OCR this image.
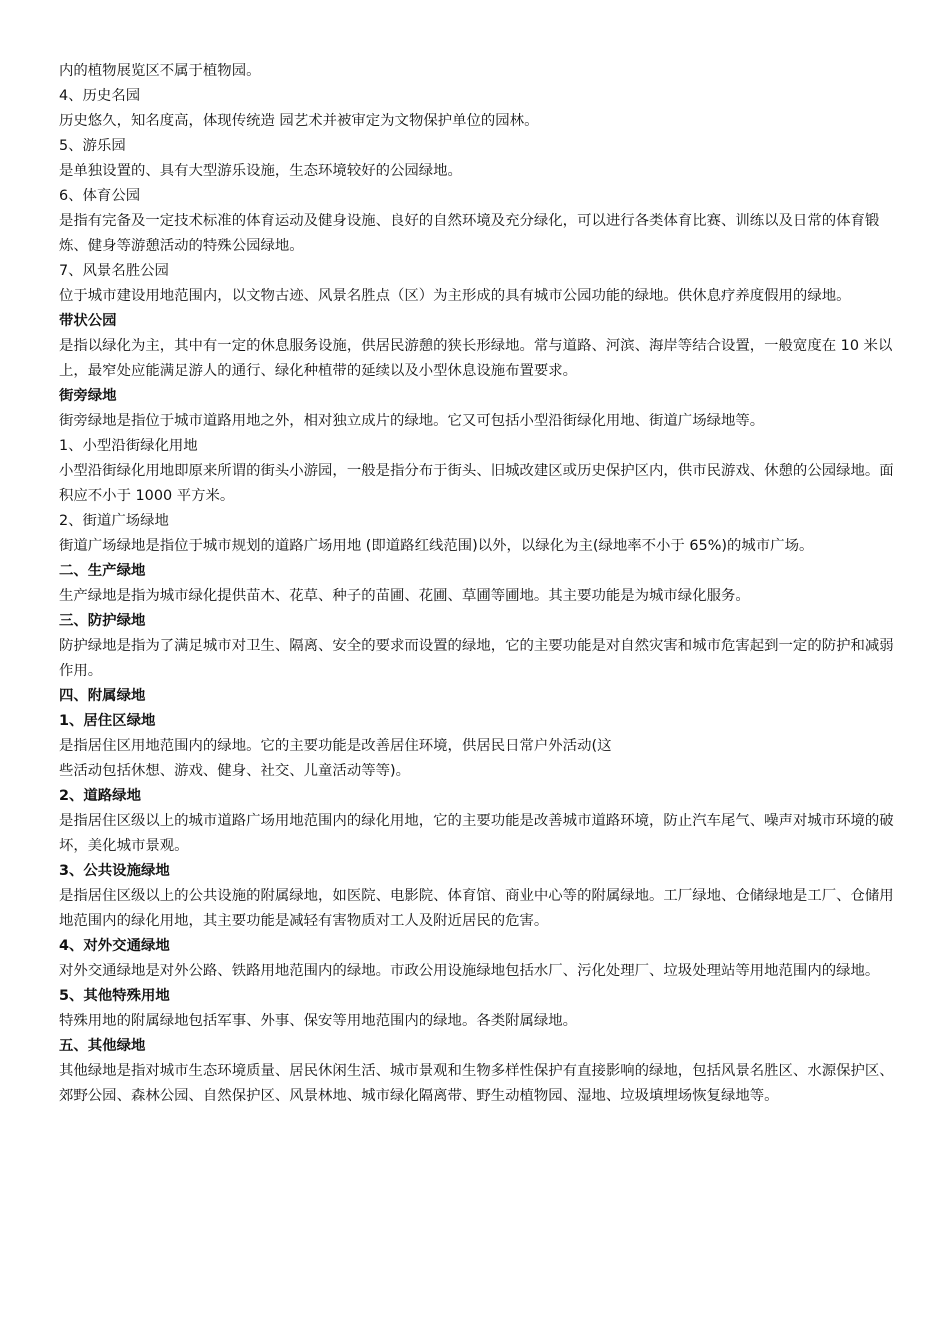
内的植物展览区不属于植物园。

4、历史名园

历史悠久，知名度高，体现传统造 园艺术并被审定为文物保护单位的园林。

5、游乐园

是单独设置的、具有大型游乐设施，生态环境较好的公园绿地。

6、体育公园

是指有完备及一定技术标准的体育运动及健身设施、良好的自然环境及充分绿化，可以进行各类体育比赛、训练以及日常的体育锻炼、健身等游憩活动的特殊公园绿地。

7、风景名胜公园

位于城市建设用地范围内，以文物古迹、风景名胜点（区）为主形成的具有城市公园功能的绿地。供休息疗养度假用的绿地。

带状公园

是指以绿化为主，其中有一定的休息服务设施，供居民游憩的狭长形绿地。常与道路、河滨、海岸等结合设置，一般宽度在 10 米以上，最窄处应能满足游人的通行、绿化种植带的延续以及小型休息设施布置要求。

街旁绿地

街旁绿地是指位于城市道路用地之外，相对独立成片的绿地。它又可包括小型沿街绿化用地、街道广场绿地等。

1、小型沿街绿化用地

小型沿街绿化用地即原来所谓的街头小游园，一般是指分布于街头、旧城改建区或历史保护区内，供市民游戏、休憩的公园绿地。面积应不小于 1000 平方米。

2、街道广场绿地

街道广场绿地是指位于城市规划的道路广场用地 (即道路红线范围)以外，以绿化为主(绿地率不小于 65%)的城市广场。

二、生产绿地

生产绿地是指为城市绿化提供苗木、花草、种子的苗圃、花圃、草圃等圃地。其主要功能是为城市绿化服务。

三、防护绿地

防护绿地是指为了满足城市对卫生、隔离、安全的要求而设置的绿地，它的主要功能是对自然灾害和城市危害起到一定的防护和减弱作用。

四、附属绿地

1、居住区绿地

是指居住区用地范围内的绿地。它的主要功能是改善居住环境，供居民日常户外活动(这

些活动包括休想、游戏、健身、社交、儿童活动等等)。

2、道路绿地

是指居住区级以上的城市道路广场用地范围内的绿化用地，它的主要功能是改善城市道路环境，防止汽车尾气、噪声对城市环境的破坏，美化城市景观。

3、公共设施绿地

是指居住区级以上的公共设施的附属绿地，如医院、电影院、体育馆、商业中心等的附属绿地。工厂绿地、仓储绿地是工厂、仓储用地范围内的绿化用地，其主要功能是减轻有害物质对工人及附近居民的危害。

4、对外交通绿地

对外交通绿地是对外公路、铁路用地范围内的绿地。市政公用设施绿地包括水厂、污化处理厂、垃圾处理站等用地范围内的绿地。

5、其他特殊用地

特殊用地的附属绿地包括军事、外事、保安等用地范围内的绿地。各类附属绿地。

五、其他绿地

其他绿地是指对城市生态环境质量、居民休闲生活、城市景观和生物多样性保护有直接影响的绿地，包括风景名胜区、水源保护区、郊野公园、森林公园、自然保护区、风景林地、城市绿化隔离带、野生动植物园、湿地、垃圾填埋场恢复绿地等。
